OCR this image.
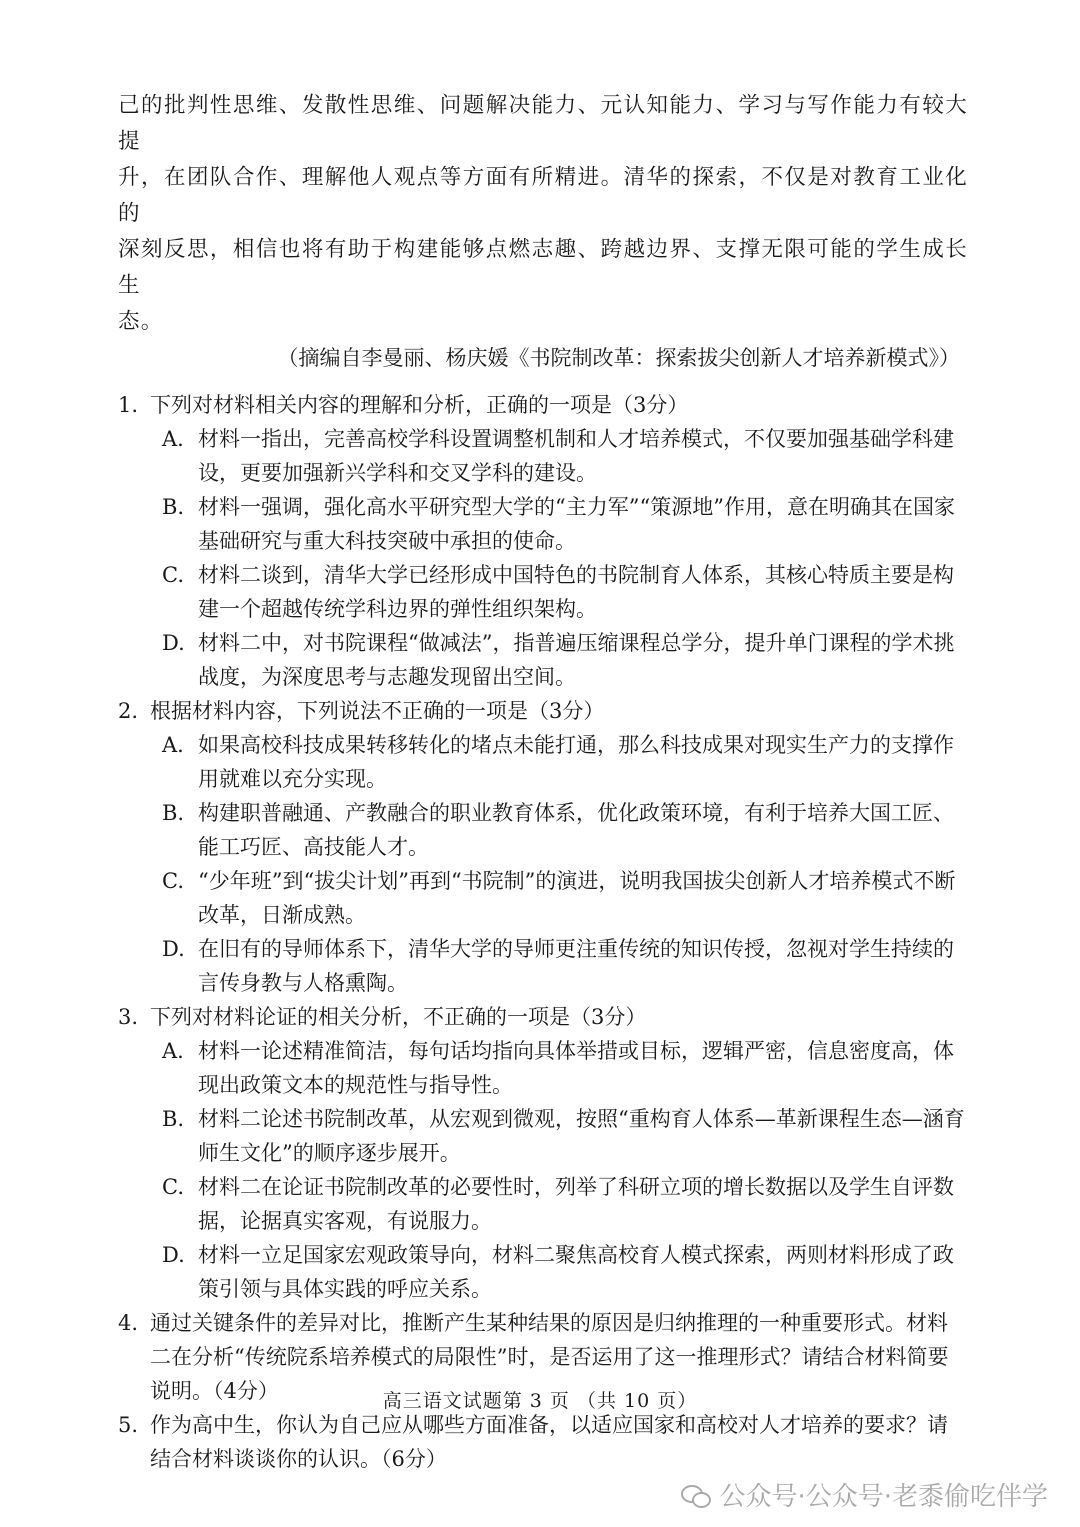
己的批判性思维、发散性思维、问题解决能力、元认知能力、学习与写作能力有较大提

升，在团队合作、理解他人观点等方面有所精进。清华的探索，不仅是对教育工业化的

深刻反思，相信也将有助于构建能够点燃志趣、跨越边界、支撑无限可能的学生成长生

态。

（摘编自李曼丽、杨庆媛《书院制改革：探索拔尖创新人才培养新模式》）

1. 下列对材料相关内容的理解和分析，正确的一项是（3分）
A. 材料一指出，完善高校学科设置调整机制和人才培养模式，不仅要加强基础学科建设，更要加强新兴学科和交叉学科的建设。
B. 材料一强调，强化高水平研究型大学的“主力军”“策源地”作用，意在明确其在国家基础研究与重大科技突破中承担的使命。
C. 材料二谈到，清华大学已经形成中国特色的书院制育人体系，其核心特质主要是构建一个超越传统学科边界的弹性组织架构。
D. 材料二中，对书院课程“做减法”，指普遍压缩课程总学分，提升单门课程的学术挑战度，为深度思考与志趣发现留出空间。
2. 根据材料内容，下列说法不正确的一项是（3分）
A. 如果高校科技成果转移转化的堵点未能打通，那么科技成果对现实生产力的支撑作用就难以充分实现。
B. 构建职普融通、产教融合的职业教育体系，优化政策环境，有利于培养大国工匠、能工巧匠、高技能人才。
C. “少年班”到“拔尖计划”再到“书院制”的演进，说明我国拔尖创新人才培养模式不断改革，日渐成熟。
D. 在旧有的导师体系下，清华大学的导师更注重传统的知识传授，忽视对学生持续的言传身教与人格熏陶。
3. 下列对材料论证的相关分析，不正确的一项是（3分）
A. 材料一论述精准简洁，每句话均指向具体举措或目标，逻辑严密，信息密度高，体现出政策文本的规范性与指导性。
B. 材料二论述书院制改革，从宏观到微观，按照“重构育人体系—革新课程生态—涵育师生文化”的顺序逐步展开。
C. 材料二在论证书院制改革的必要性时，列举了科研立项的增长数据以及学生自评数据，论据真实客观，有说服力。
D. 材料一立足国家宏观政策导向，材料二聚焦高校育人模式探索，两则材料形成了政策引领与具体实践的呼应关系。
4. 通过关键条件的差异对比，推断产生某种结果的原因是归纳推理的一种重要形式。材料二在分析“传统院系培养模式的局限性”时，是否运用了这一推理形式？请结合材料简要说明。（4分）
5. 作为高中生，你认为自己应从哪些方面准备，以适应国家和高校对人才培养的要求？请结合材料谈谈你的认识。（6分）
高三语文试题第 3 页 （共 10 页）
公众号·公众号·老黍偷吃伴学
